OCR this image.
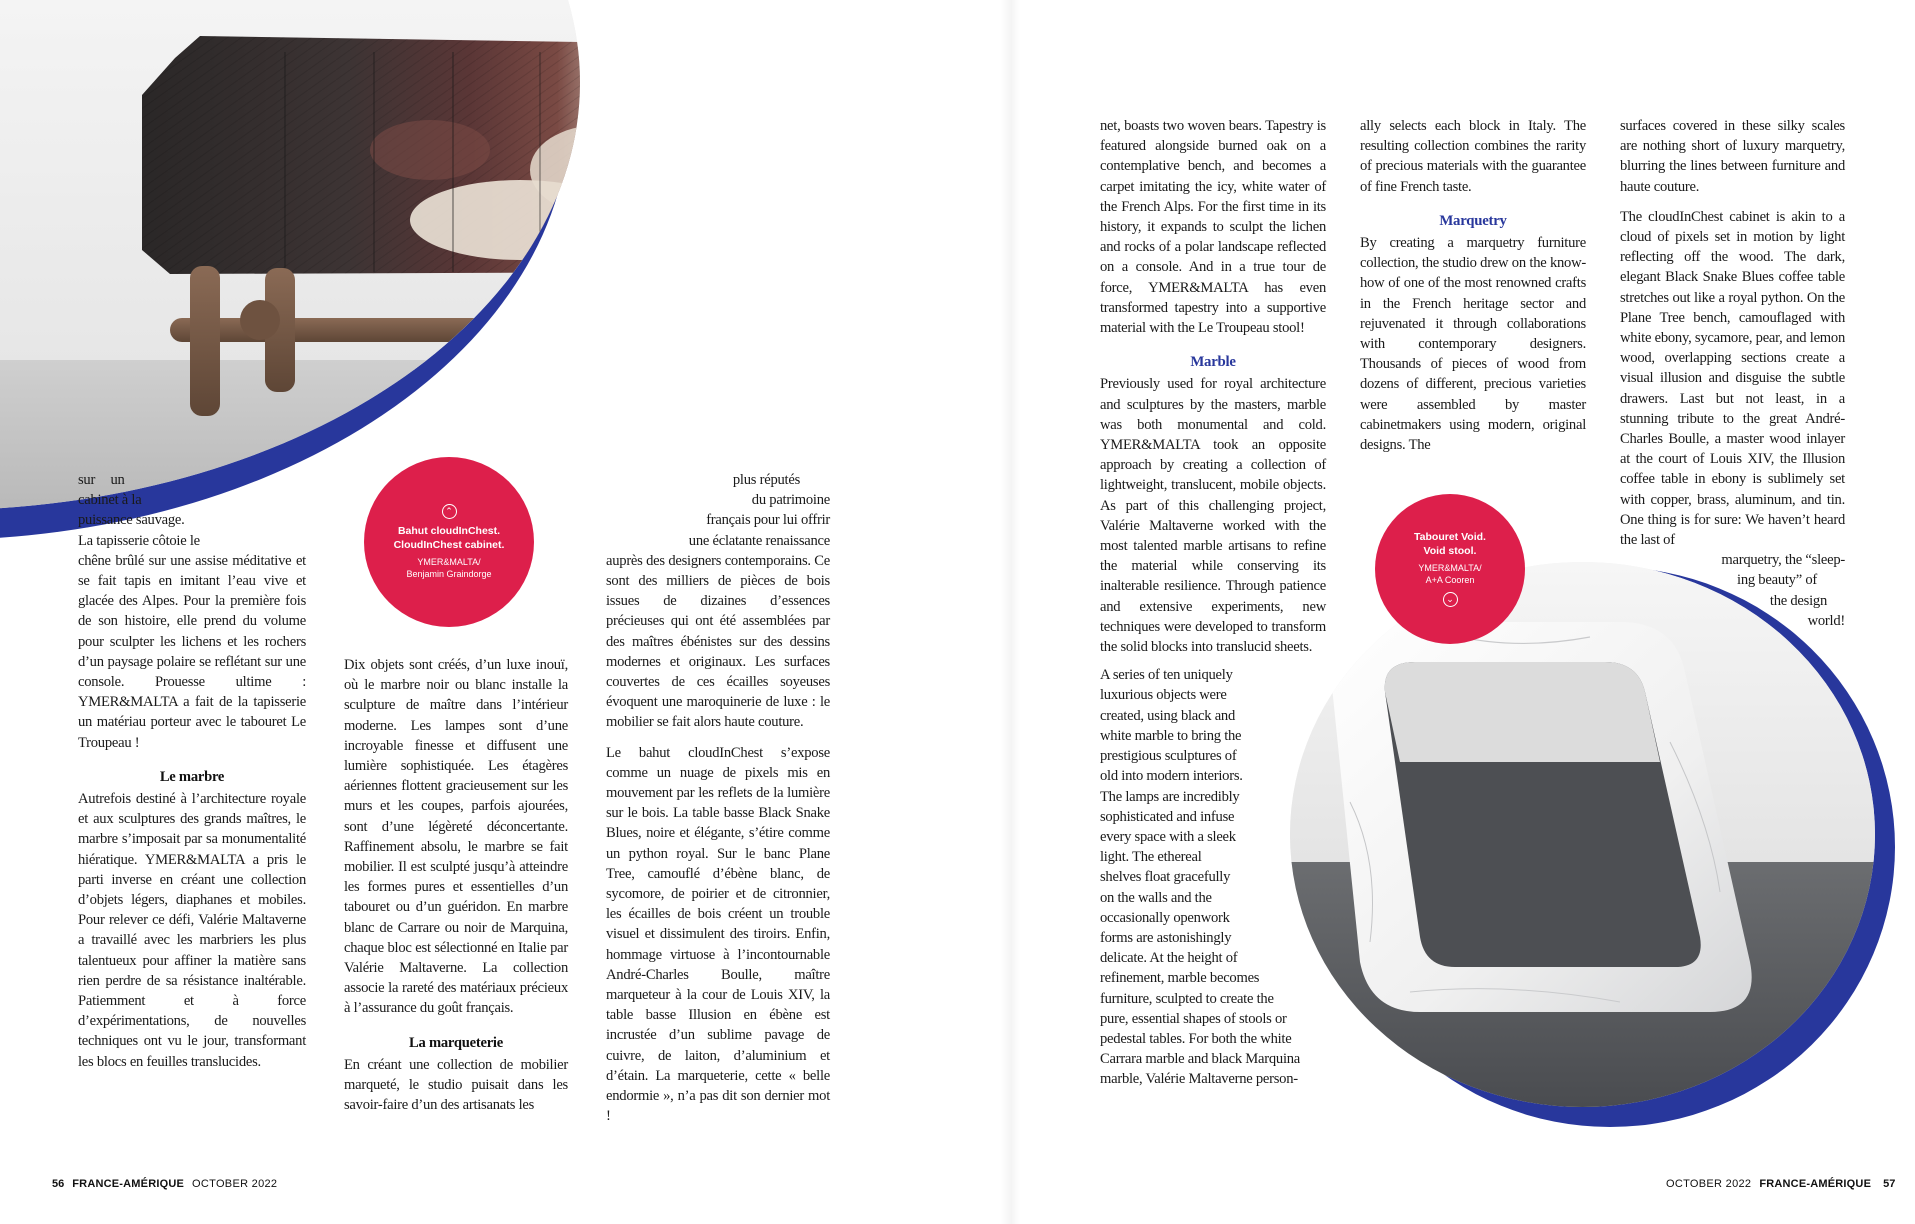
⌃
Bahut cloudInChest.
CloudInChest cabinet.
YMER&MALTA/
Benjamin Graindorge
Tabouret Void.
Void stool.
YMER&MALTA/
A+A Cooren
⌄
sur un
cabinet à la
puissance sauvage.
La tapisserie côtoie le
chêne brûlé sur une assise méditative et se fait tapis en imitant l’eau vive et glacée des Alpes. Pour la première fois de son histoire, elle prend du volume pour sculpter les lichens et les rochers d’un paysage polaire se reflétant sur une console. Prouesse ultime : YMER&MALTA a fait de la tapisserie un matériau porteur avec le tabouret Le Troupeau !
Le marbre
Autrefois destiné à l’architecture royale et aux sculptures des grands maîtres, le marbre s’imposait par sa monumentalité hiératique. YMER&MALTA a pris le parti inverse en créant une collection d’objets légers, diaphanes et mobiles. Pour relever ce défi, Valérie Maltaverne a travaillé avec les marbriers les plus talentueux pour affiner la matière sans rien perdre de sa résistance inaltérable. Patiemment et à force d’expérimentations, de nouvelles techniques ont vu le jour, transformant les blocs en feuilles translucides.
Dix objets sont créés, d’un luxe inouï, où le marbre noir ou blanc installe la sculpture de maître dans l’intérieur moderne. Les lampes sont d’une incroyable finesse et diffusent une lumière sophistiquée. Les étagères aériennes flottent gracieusement sur les murs et les coupes, parfois ajourées, sont d’une légèreté déconcertante. Raffinement absolu, le marbre se fait mobilier. Il est sculpté jusqu’à atteindre les formes pures et essentielles d’un tabouret ou d’un guéridon. En marbre blanc de Carrare ou noir de Marquina, chaque bloc est sélectionné en Italie par Valérie Maltaverne. La collection associe la rareté des matériaux précieux à l’assurance du goût français.
La marqueterie
En créant une collection de mobilier marqueté, le studio puisait dans les savoir-faire d’un des artisanats les
plus réputés
du patrimoine
français pour lui offrir
une éclatante renaissance
auprès des designers contemporains. Ce sont des milliers de pièces de bois issues de dizaines d’essences précieuses qui ont été assemblées par des maîtres ébénistes sur des dessins modernes et originaux. Les surfaces couvertes de ces écailles soyeuses évoquent une maroquinerie de luxe : le mobilier se fait alors haute couture.
Le bahut cloudInChest s’expose comme un nuage de pixels mis en mouvement par les reflets de la lumière sur le bois. La table basse Black Snake Blues, noire et élégante, s’étire comme un python royal. Sur le banc Plane Tree, camouflé d’ébène blanc, de sycomore, de poirier et de citronnier, les écailles de bois créent un trouble visuel et dissimulent des tiroirs. Enfin, hommage virtuose à l’incontournable André-Charles Boulle, maître marqueteur à la cour de Louis XIV, la table basse Illusion en ébène est incrustée d’un sublime pavage de cuivre, de laiton, d’aluminium et d’étain. La marqueterie, cette « belle endormie », n’a pas dit son dernier mot !
net, boasts two woven bears. Tapestry is featured alongside burned oak on a contemplative bench, and becomes a carpet imitating the icy, white water of the French Alps. For the first time in its history, it expands to sculpt the lichen and rocks of a polar landscape reflected on a console. And in a true tour de force, YMER&MALTA has even transformed tapestry into a supportive material with the Le Troupeau stool!
Marble
Previously used for royal architecture and sculptures by the masters, marble was both monumental and cold. YMER&MALTA took an opposite approach by creating a collection of lightweight, translucent, mobile objects. As part of this challenging project, Valérie Maltaverne worked with the most talented marble artisans to refine the material while conserving its inalterable resilience. Through patience and extensive experiments, new techniques were developed to transform the solid blocks into translucid sheets.
A series of ten uniquely
luxurious objects were
created, using black and
white marble to bring the
prestigious sculptures of
old into modern interiors.
The lamps are incredibly
sophisticated and infuse
every space with a sleek
light. The ethereal
shelves float gracefully
on the walls and the
occasionally openwork
forms are astonishingly
delicate. At the height of
refinement, marble becomes
furniture, sculpted to create the
pure, essential shapes of stools or
pedestal tables. For both the white
Carrara marble and black Marquina
marble, Valérie Maltaverne person-
ally selects each block in Italy. The resulting collection combines the rarity of precious materials with the guarantee of fine French taste.
Marquetry
By creating a marquetry furniture collection, the studio drew on the know-how of one of the most renowned crafts in the French heritage sector and rejuvenated it through collaborations with contemporary designers. Thousands of pieces of wood from dozens of different, precious varieties were assembled by master cabinetmakers using modern, original designs. The
surfaces covered in these silky scales are nothing short of luxury marquetry, blurring the lines between furniture and haute couture.
The cloudInChest cabinet is akin to a cloud of pixels set in motion by light reflecting off the wood. The dark, elegant Black Snake Blues coffee table stretches out like a royal python. On the Plane Tree bench, camouflaged with white ebony, sycamore, pear, and lemon wood, overlapping sections create a visual illusion and disguise the subtle drawers. Last but not least, in a stunning tribute to the great André-Charles Boulle, a master wood inlayer at the court of Louis XIV, the Illusion coffee table in ebony is sublimely set with copper, brass, aluminum, and tin. One thing is for sure: We haven’t heard the last of
marquetry, the “sleep-
ing beauty” of
the design
world!
56 FRANCE-AMÉRIQUE OCTOBER 2022	OCTOBER 2022 FRANCE-AMÉRIQUE 57
